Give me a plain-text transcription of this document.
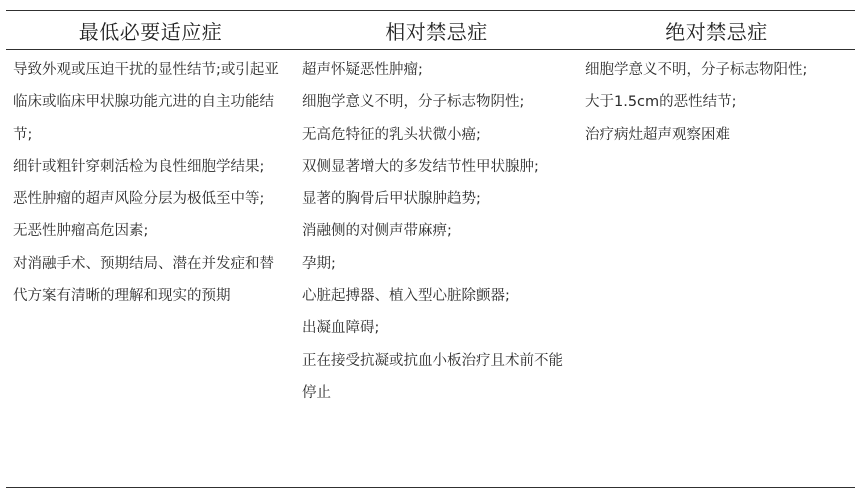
最低必要适应症	相对禁忌症	绝对禁忌症
导致外观或压迫干扰的显性结节;或引起亚临床或临床甲状腺功能亢进的自主功能结节;
细针或粗针穿刺活检为良性细胞学结果;
恶性肿瘤的超声风险分层为极低至中等;
无恶性肿瘤高危因素;
对消融手术、预期结局、潜在并发症和替代方案有清晰的理解和现实的预期
超声怀疑恶性肿瘤;
细胞学意义不明，分子标志物阴性;
无高危特征的乳头状微小癌;
双侧显著增大的多发结节性甲状腺肿;
显著的胸骨后甲状腺肿趋势;
消融侧的对侧声带麻痹;
孕期;
心脏起搏器、植入型心脏除颤器;
出凝血障碍;
正在接受抗凝或抗血小板治疗且术前不能停止
细胞学意义不明，分子标志物阳性;
大于1.5cm的恶性结节;
治疗病灶超声观察困难
